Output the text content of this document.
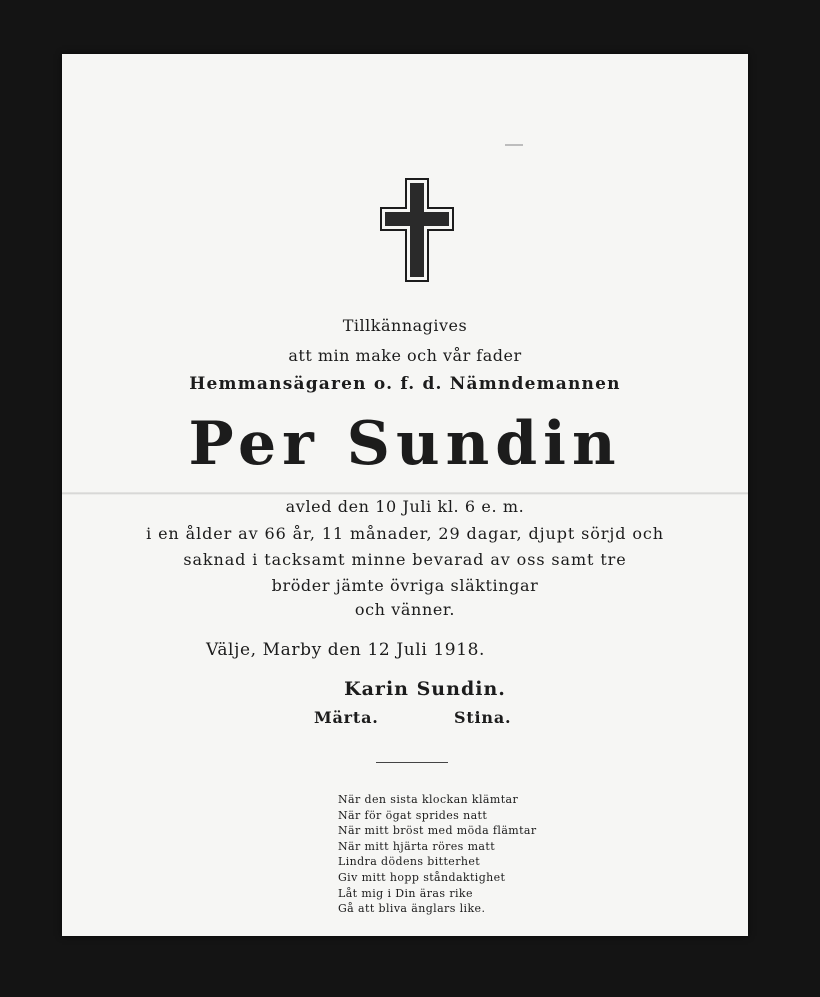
Tillkännagives
att min make och vår fader
Hemmansägaren o. f. d. Nämndemannen
Per Sundin
avled den 10 Juli kl. 6 e. m.
i en ålder av 66 år, 11 månader, 29 dagar, djupt sörjd och
saknad i tacksamt minne bevarad av oss samt tre
bröder jämte övriga släktingar
och vänner.
Välje, Marby den 12 Juli 1918.
Karin Sundin.
Märta.	Stina.
När den sista klockan klämtar
När för ögat sprides natt
När mitt bröst med möda flämtar
När mitt hjärta röres matt
Lindra dödens bitterhet
Giv mitt hopp ståndaktighet
Låt mig i Din äras rike
Gå att bliva änglars like.
